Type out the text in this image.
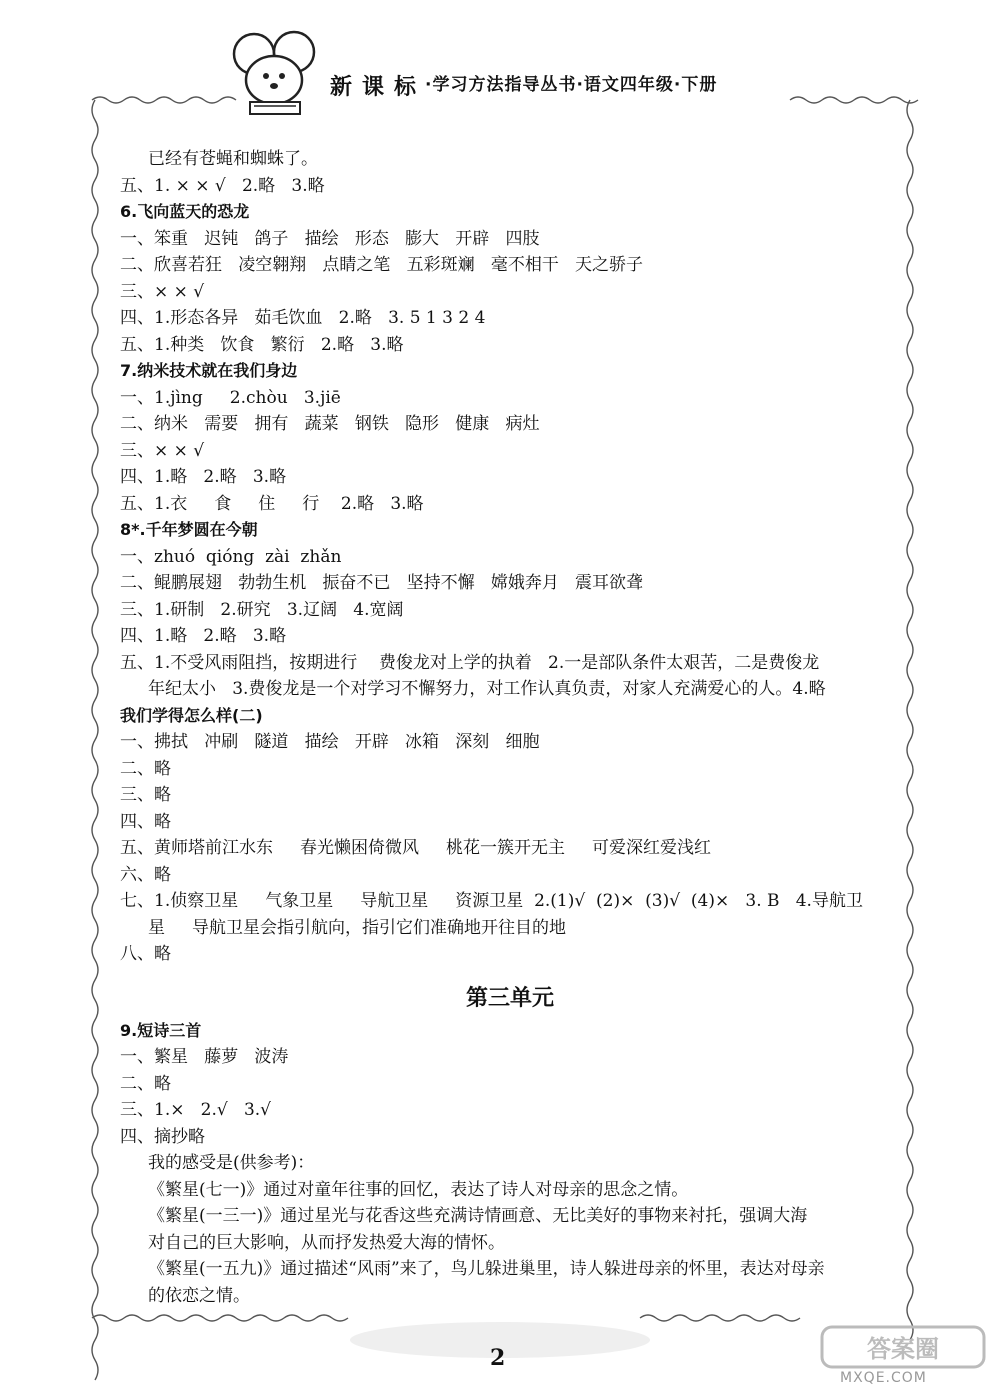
新课标
·学习方法指导丛书·语文四年级·下册
已经有苍蝇和蜘蛛了。
五、1. × × √   2.略   3.略
6.飞向蓝天的恐龙
一、笨重   迟钝   鸽子   描绘   形态   膨大   开辟   四肢
二、欣喜若狂   凌空翱翔   点睛之笔   五彩斑斓   毫不相干   天之骄子
三、× × √
四、1.形态各异   茹毛饮血   2.略   3. 5 1 3 2 4
五、1.种类   饮食   繁衍   2.略   3.略
7.纳米技术就在我们身边
一、1.jìng     2.chòu   3.jiē
二、纳米   需要   拥有   蔬菜   钢铁   隐形   健康   病灶
三、× × √
四、1.略   2.略   3.略
五、1.衣     食     住     行    2.略   3.略
8*.千年梦圆在今朝
一、zhuó  qióng  zài  zhǎn
二、鲲鹏展翅   勃勃生机   振奋不已   坚持不懈   嫦娥奔月   震耳欲聋
三、1.研制   2.研究   3.辽阔   4.宽阔
四、1.略   2.略   3.略
五、1.不受风雨阻挡，按期进行    费俊龙对上学的执着   2.一是部队条件太艰苦，二是费俊龙
年纪太小   3.费俊龙是一个对学习不懈努力，对工作认真负责，对家人充满爱心的人。4.略
我们学得怎么样(二)
一、拂拭   冲刷   隧道   描绘   开辟   冰箱   深刻   细胞
二、略
三、略
四、略
五、黄师塔前江水东     春光懒困倚微风     桃花一簇开无主     可爱深红爱浅红
六、略
七、1.侦察卫星     气象卫星     导航卫星     资源卫星  2.(1)√  (2)×  (3)√  (4)×   3. B   4.导航卫
星     导航卫星会指引航向，指引它们准确地开往目的地
八、略
第三单元
9.短诗三首
一、繁星   藤萝   波涛
二、略
三、1.×   2.√   3.√
四、摘抄略
我的感受是(供参考)：
《繁星(七一)》通过对童年往事的回忆，表达了诗人对母亲的思念之情。
《繁星(一三一)》通过星光与花香这些充满诗情画意、无比美好的事物来衬托，强调大海
对自己的巨大影响，从而抒发热爱大海的情怀。
《繁星(一五九)》通过描述“风雨”来了，鸟儿躲进巢里，诗人躲进母亲的怀里，表达对母亲
的依恋之情。
2	答案圈
MXQE.COM
